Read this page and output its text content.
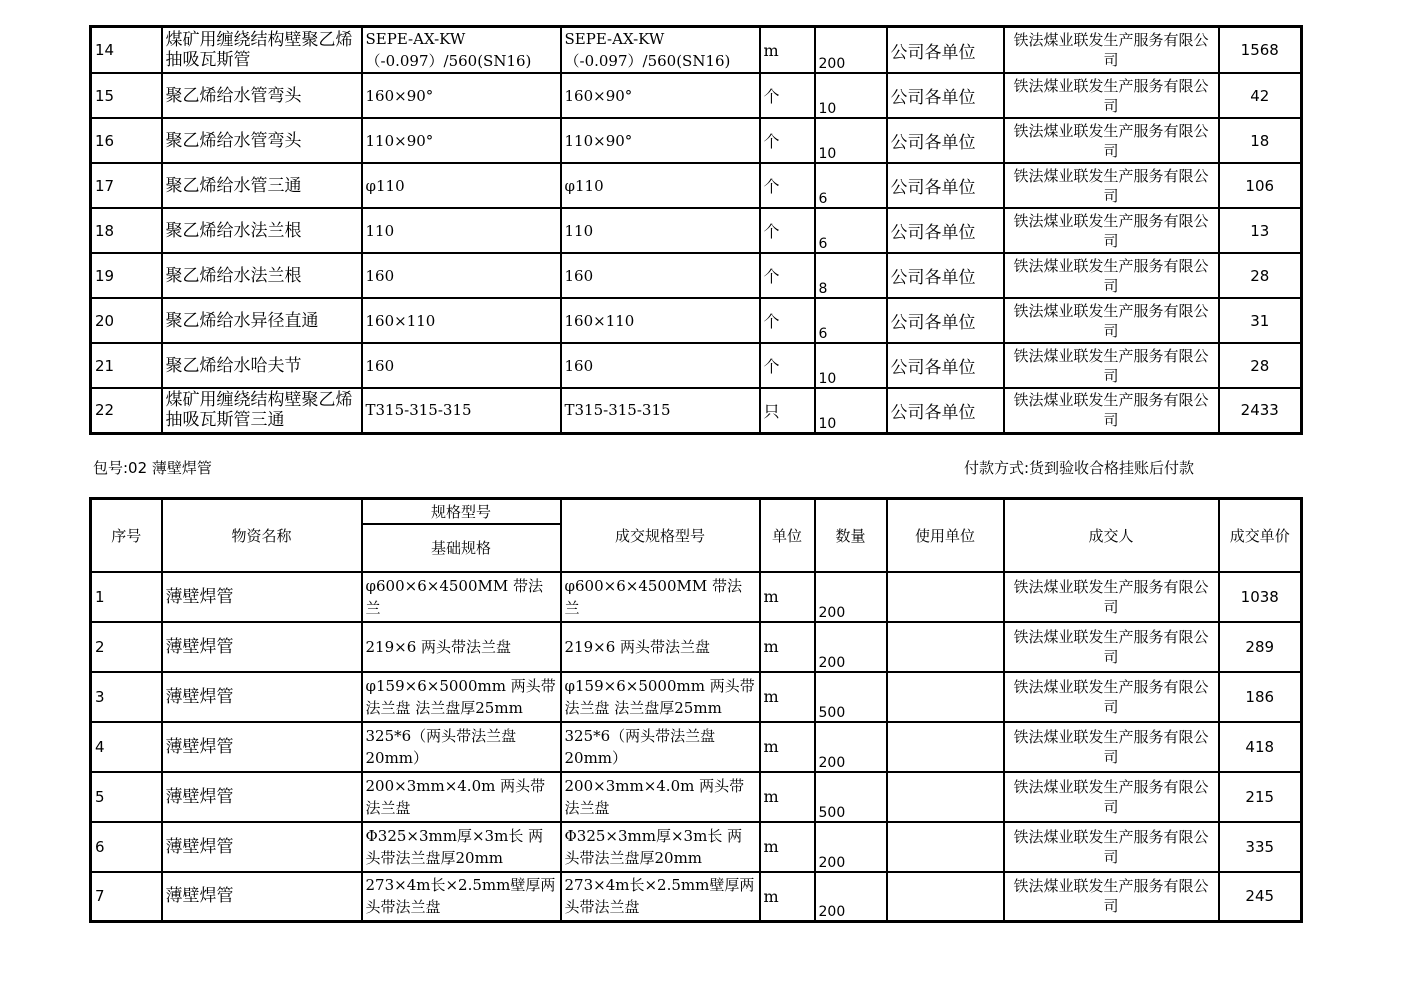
14	煤矿用缠绕结构壁聚乙烯抽吸瓦斯管	SEPE-AX-KW（-0.097）/560(SN16)	SEPE-AX-KW（-0.097）/560(SN16)	m	200	公司各单位	铁法煤业联发生产服务有限公司	1568
15	聚乙烯给水管弯头	160×90°	160×90°	个	10	公司各单位	铁法煤业联发生产服务有限公司	42
16	聚乙烯给水管弯头	110×90°	110×90°	个	10	公司各单位	铁法煤业联发生产服务有限公司	18
17	聚乙烯给水管三通	φ110	φ110	个	6	公司各单位	铁法煤业联发生产服务有限公司	106
18	聚乙烯给水法兰根	110	110	个	6	公司各单位	铁法煤业联发生产服务有限公司	13
19	聚乙烯给水法兰根	160	160	个	8	公司各单位	铁法煤业联发生产服务有限公司	28
20	聚乙烯给水异径直通	160×110	160×110	个	6	公司各单位	铁法煤业联发生产服务有限公司	31
21	聚乙烯给水哈夫节	160	160	个	10	公司各单位	铁法煤业联发生产服务有限公司	28
22	煤矿用缠绕结构壁聚乙烯抽吸瓦斯管三通	T315-315-315	T315-315-315	只	10	公司各单位	铁法煤业联发生产服务有限公司	2433
包号:02 薄壁焊管	付款方式:货到验收合格挂账后付款
序号	物资名称	规格型号	成交规格型号	单位	数量	使用单位	成交人	成交单价
		基础规格						
1	薄壁焊管	φ600×6×4500MM 带法兰	φ600×6×4500MM 带法兰	m	200		铁法煤业联发生产服务有限公司	1038
2	薄壁焊管	219×6 两头带法兰盘	219×6 两头带法兰盘	m	200		铁法煤业联发生产服务有限公司	289
3	薄壁焊管	φ159×6×5000mm 两头带法兰盘 法兰盘厚25mm	φ159×6×5000mm 两头带法兰盘 法兰盘厚25mm	m	500		铁法煤业联发生产服务有限公司	186
4	薄壁焊管	325*6（两头带法兰盘20mm）	325*6（两头带法兰盘20mm）	m	200		铁法煤业联发生产服务有限公司	418
5	薄壁焊管	200×3mm×4.0m 两头带法兰盘	200×3mm×4.0m 两头带法兰盘	m	500		铁法煤业联发生产服务有限公司	215
6	薄壁焊管	Φ325×3mm厚×3m长 两头带法兰盘厚20mm	Φ325×3mm厚×3m长 两头带法兰盘厚20mm	m	200		铁法煤业联发生产服务有限公司	335
7	薄壁焊管	273×4m长×2.5mm壁厚两头带法兰盘	273×4m长×2.5mm壁厚两头带法兰盘	m	200		铁法煤业联发生产服务有限公司	245
